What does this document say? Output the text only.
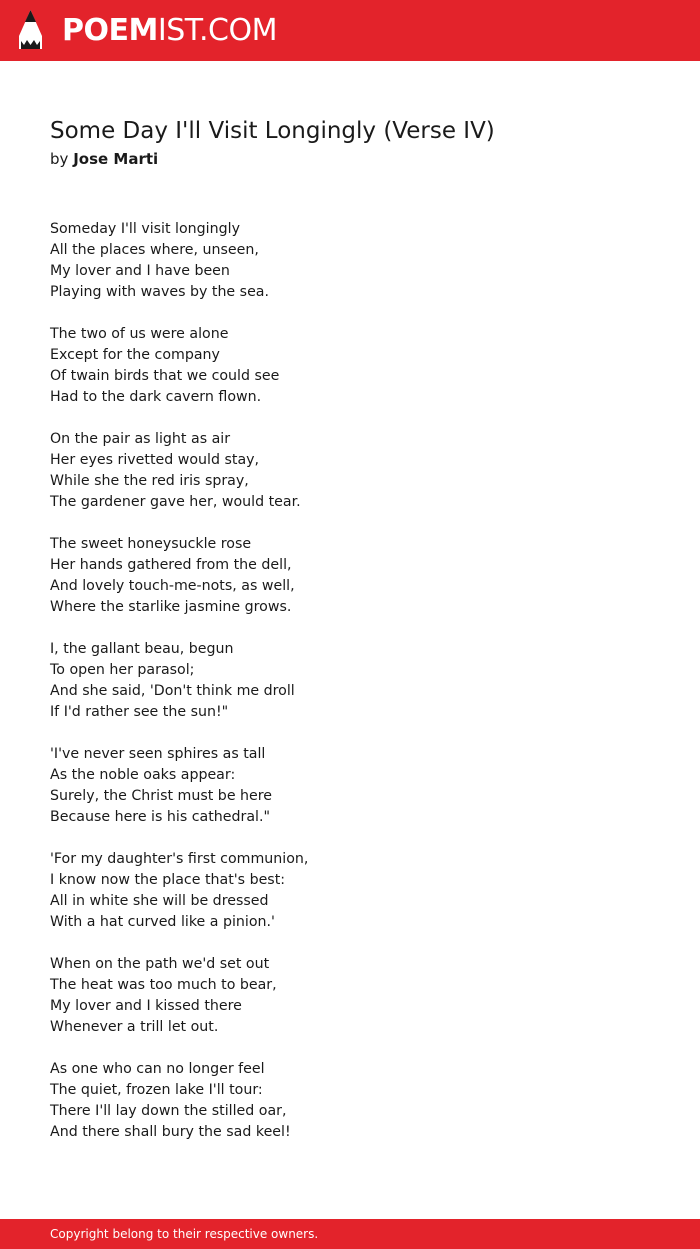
POEMIST.COM
Some Day I'll Visit Longingly (Verse IV)
by Jose Marti
Someday I'll visit longingly
All the places where, unseen,
My lover and I have been
Playing with waves by the sea.
The two of us were alone
Except for the company
Of twain birds that we could see
Had to the dark cavern flown.
On the pair as light as air
Her eyes rivetted would stay,
While she the red iris spray,
The gardener gave her, would tear.
The sweet honeysuckle rose
Her hands gathered from the dell,
And lovely touch-me-nots, as well,
Where the starlike jasmine grows.
I, the gallant beau, begun
To open her parasol;
And she said, 'Don't think me droll
If I'd rather see the sun!"
'I've never seen sphires as tall
As the noble oaks appear:
Surely, the Christ must be here
Because here is his cathedral."
'For my daughter's first communion,
I know now the place that's best:
All in white she will be dressed
With a hat curved like a pinion.'
When on the path we'd set out
The heat was too much to bear,
My lover and I kissed there
Whenever a trill let out.
As one who can no longer feel
The quiet, frozen lake I'll tour:
There I'll lay down the stilled oar,
And there shall bury the sad keel!
Copyright belong to their respective owners.
